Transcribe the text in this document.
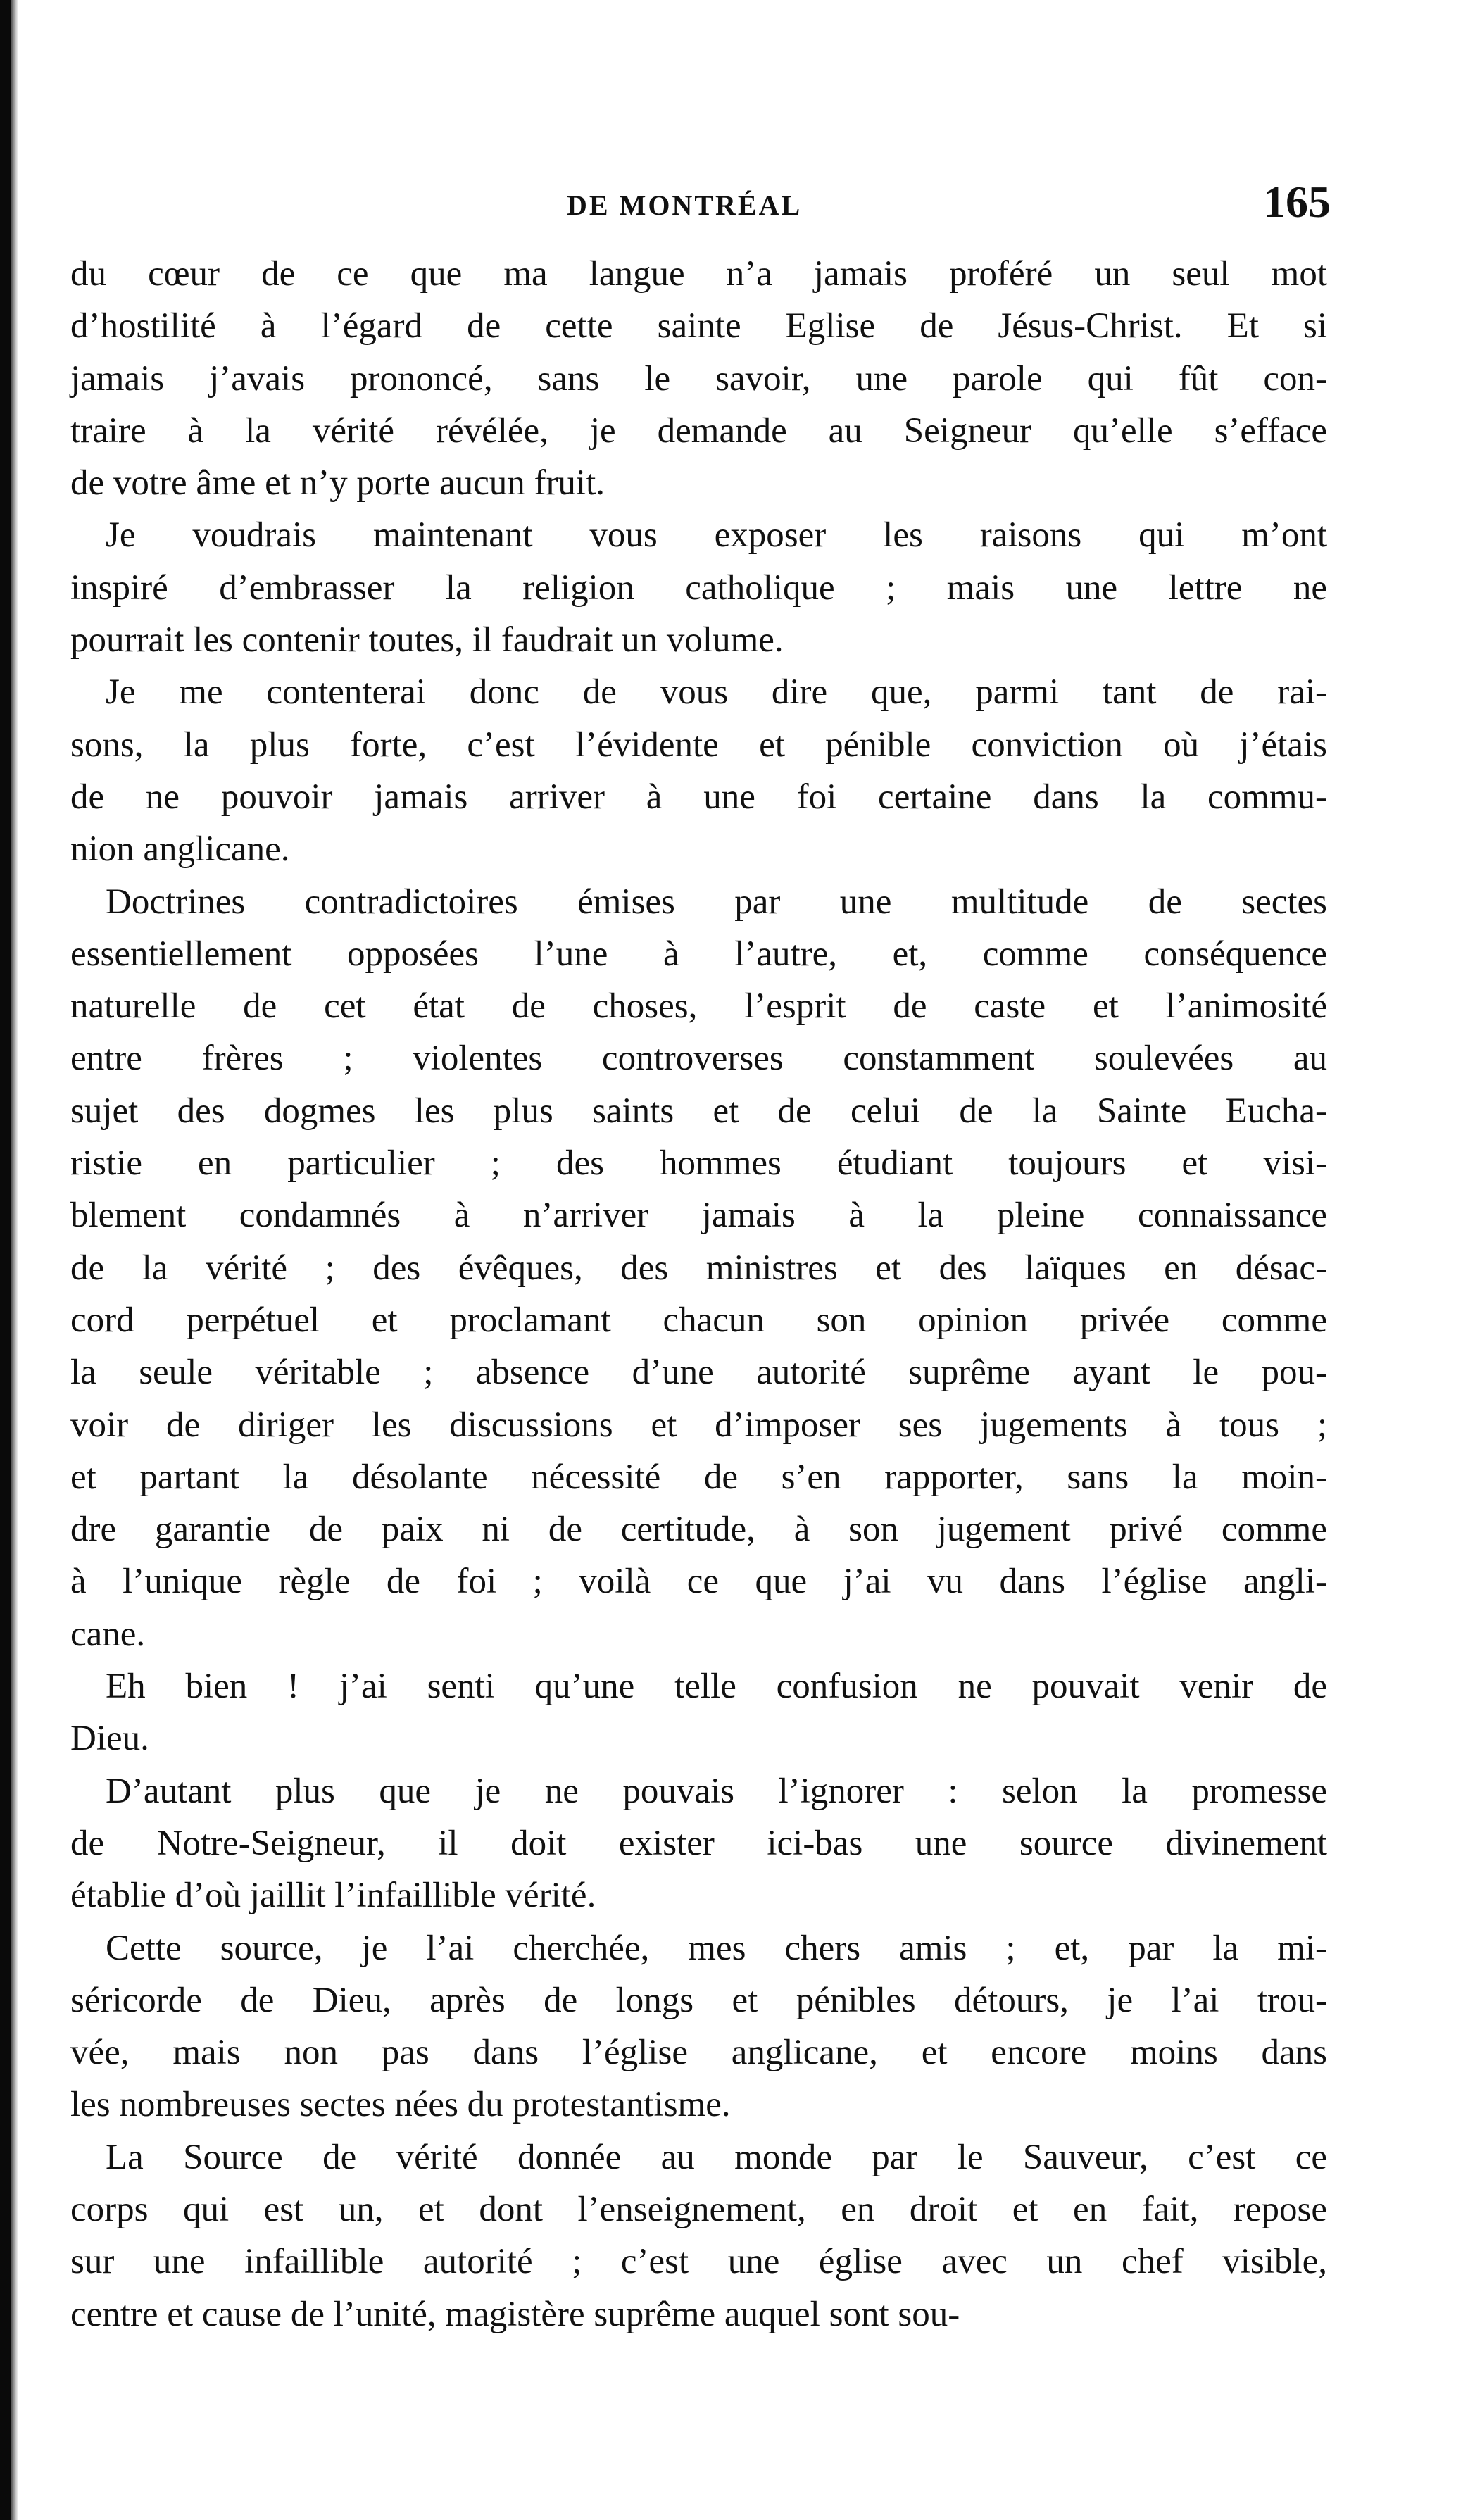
DE MONTRÉAL	165
du cœur de ce que ma langue n’a jamais proféré un seul mot
d’hostilité à l’égard de cette sainte Eglise de Jésus-Christ. Et si
jamais j’avais prononcé, sans le savoir, une parole qui fût con-
traire à la vérité révélée, je demande au Seigneur qu’elle s’efface
de votre âme et n’y porte aucun fruit.
Je voudrais maintenant vous exposer les raisons qui m’ont
inspiré d’embrasser la religion catholique ; mais une lettre ne
pourrait les contenir toutes, il faudrait un volume.
Je me contenterai donc de vous dire que, parmi tant de rai-
sons, la plus forte, c’est l’évidente et pénible conviction où j’étais
de ne pouvoir jamais arriver à une foi certaine dans la commu-
nion anglicane.
Doctrines contradictoires émises par une multitude de sectes
essentiellement opposées l’une à l’autre, et, comme conséquence
naturelle de cet état de choses, l’esprit de caste et l’animosité
entre frères ; violentes controverses constamment soulevées au
sujet des dogmes les plus saints et de celui de la Sainte Eucha-
ristie en particulier ; des hommes étudiant toujours et visi-
blement condamnés à n’arriver jamais à la pleine connaissance
de la vérité ; des évêques, des ministres et des laïques en désac-
cord perpétuel et proclamant chacun son opinion privée comme
la seule véritable ; absence d’une autorité suprême ayant le pou-
voir de diriger les discussions et d’imposer ses jugements à tous ;
et partant la désolante nécessité de s’en rapporter, sans la moin-
dre garantie de paix ni de certitude, à son jugement privé comme
à l’unique règle de foi ; voilà ce que j’ai vu dans l’église angli-
cane.
Eh bien ! j’ai senti qu’une telle confusion ne pouvait venir de
Dieu.
D’autant plus que je ne pouvais l’ignorer : selon la promesse
de Notre-Seigneur, il doit exister ici-bas une source divinement
établie d’où jaillit l’infaillible vérité.
Cette source, je l’ai cherchée, mes chers amis ; et, par la mi-
séricorde de Dieu, après de longs et pénibles détours, je l’ai trou-
vée, mais non pas dans l’église anglicane, et encore moins dans
les nombreuses sectes nées du protestantisme.
La Source de vérité donnée au monde par le Sauveur, c’est ce
corps qui est un, et dont l’enseignement, en droit et en fait, repose
sur une infaillible autorité ; c’est une église avec un chef visible,
centre et cause de l’unité, magistère suprême auquel sont sou-
